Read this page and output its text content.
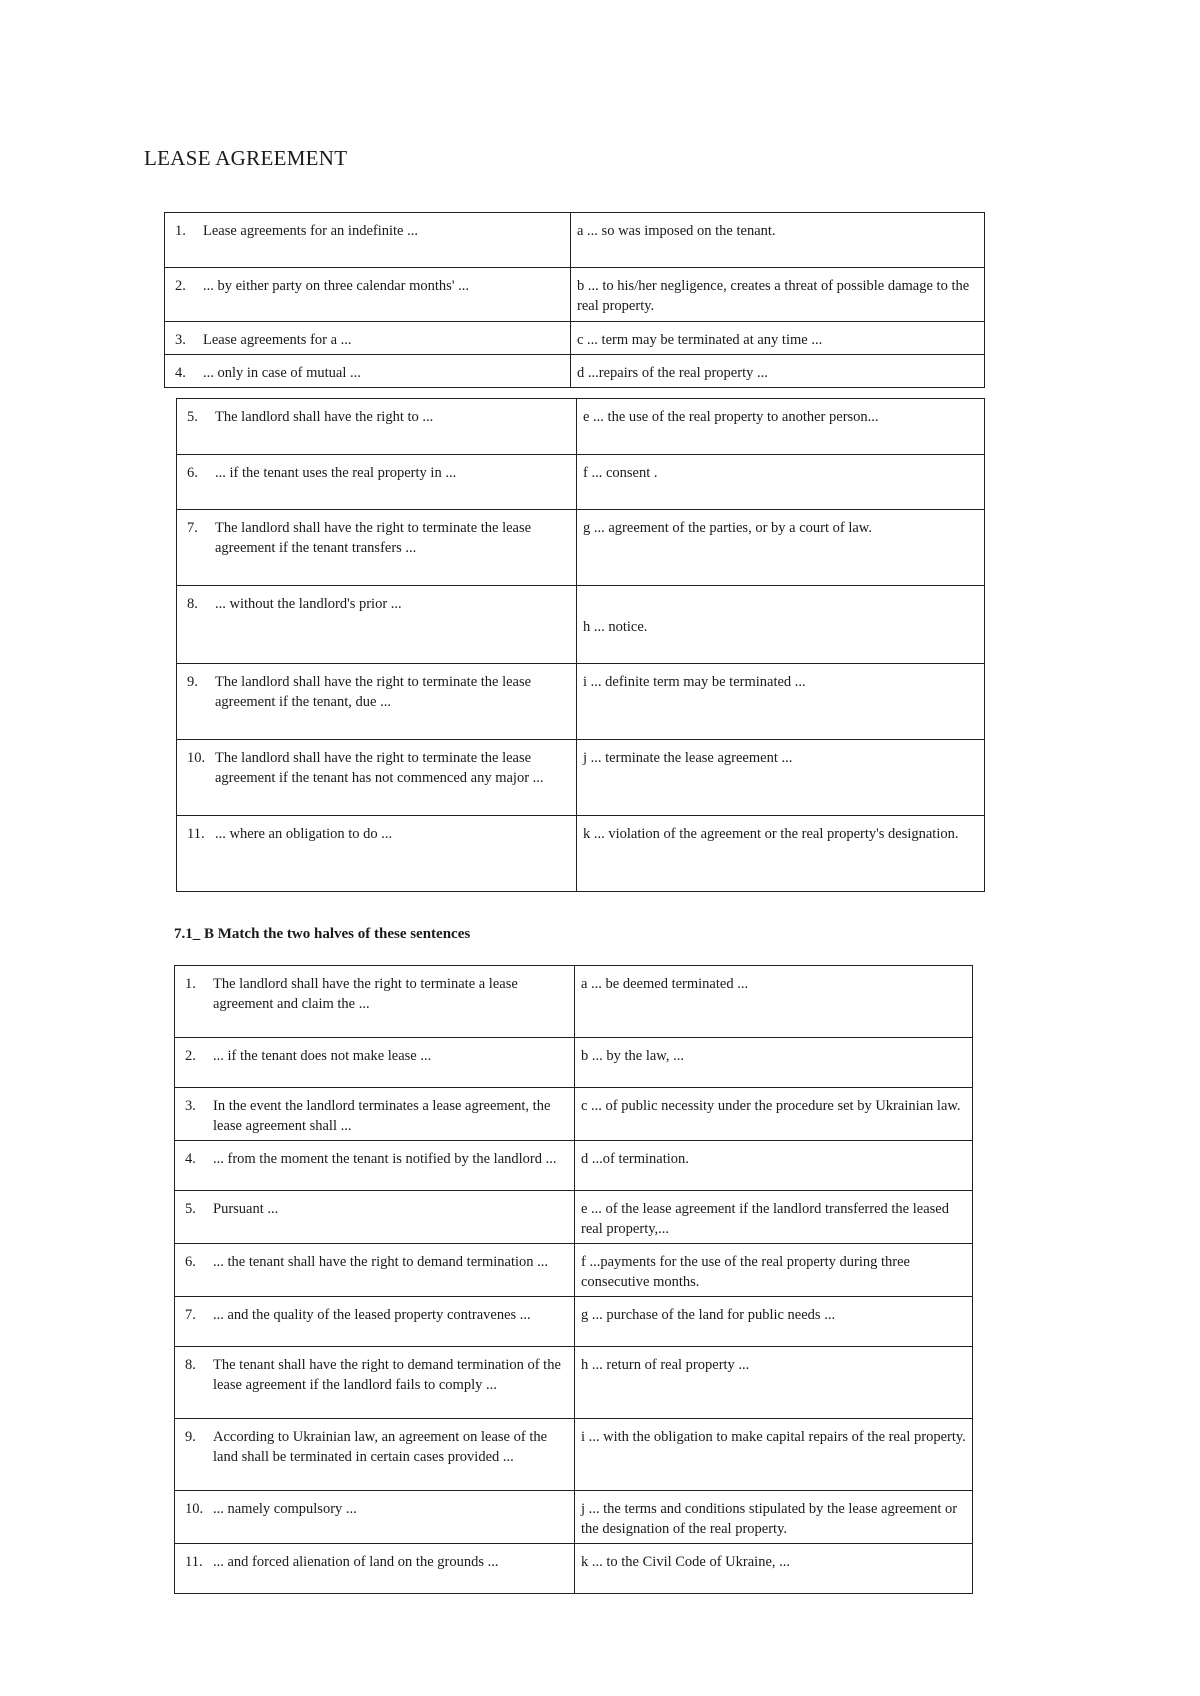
LEASE AGREEMENT
1. Lease agreements for an indefinite ...	a ... so was imposed on the tenant.

2. ... by either party on three calendar months' ...	b ... to his/her negligence, creates a threat of possible damage to the real property.

3. Lease agreements for a ...	c ... term may be terminated at any time ...

4. ... only in case of mutual ...	d ...repairs of the real property ...
5. The landlord shall have the right to ...	e ... the use of the real property to another person...

6. ... if the tenant uses the real property in ...	f ... consent .

7. The landlord shall have the right to terminate the lease agreement if the tenant transfers ...	g ... agreement of the parties, or by a court of law.

8. ... without the landlord's prior ...	h ... notice.

9. The landlord shall have the right to terminate the lease agreement if the tenant, due ...	i ... definite term may be terminated ...

10. The landlord shall have the right to terminate the lease agreement if the tenant has not commenced any major ...	j ... terminate the lease agreement ...

11. ... where an obligation to do ...	k ... violation of the agreement or the real property's designation.
7.1_ B Match the two halves of these sentences
1. The landlord shall have the right to terminate a lease agreement and claim the ...	a ... be deemed terminated ...

2. ... if the tenant does not make lease ...	b ... by the law, ...

3. In the event the landlord terminates a lease agreement, the lease agreement shall ...	c ... of public necessity under the procedure set by Ukrainian law.

4. ... from the moment the tenant is notified by the landlord ...	d ...of termination.

5. Pursuant ...	e ... of the lease agreement if the landlord transferred the leased real property,...

6. ... the tenant shall have the right to demand termination ...	f ...payments for the use of the real property during three consecutive months.

7. ... and the quality of the leased property contravenes ...	g ... purchase of the land for public needs ...

8. The tenant shall have the right to demand termination of the lease agreement if the landlord fails to comply ...	h ... return of real property ...

9. According to Ukrainian law, an agreement on lease of the land shall be terminated in certain cases provided ...	i ... with the obligation to make capital repairs of the real property.

10. ... namely compulsory ...	j ... the terms and conditions stipulated by the lease agreement or the designation of the real property.

11. ... and forced alienation of land on the grounds ...	k ... to the Civil Code of Ukraine, ...
